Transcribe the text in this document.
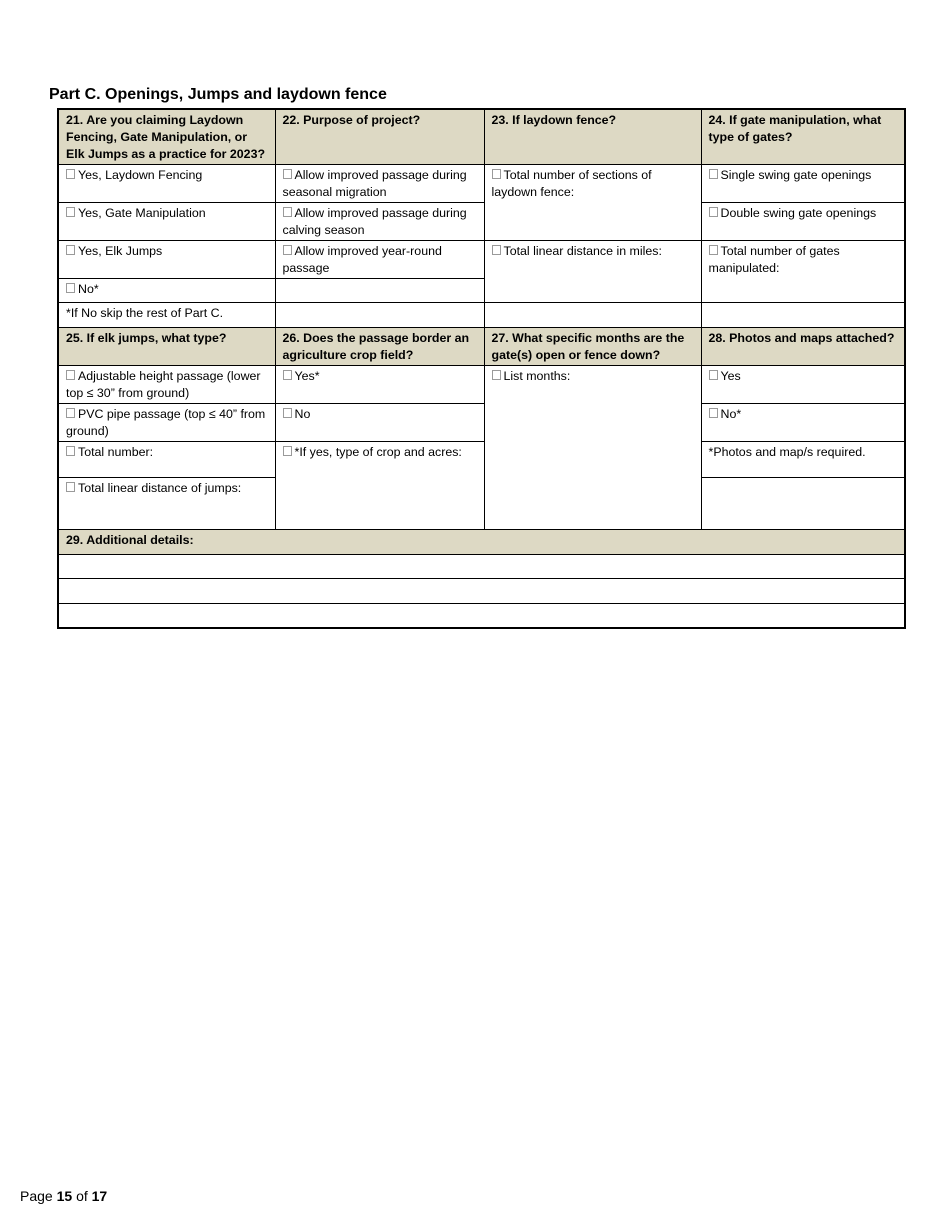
Part C. Openings, Jumps and laydown fence
21. Are you claiming Laydown Fencing, Gate Manipulation, or Elk Jumps as a practice for 2023?	22. Purpose of project?	23. If laydown fence?	24. If gate manipulation, what type of gates?
Yes, Laydown Fencing	Allow improved passage during seasonal migration	Total number of sections of laydown fence:	Single swing gate openings
Yes, Gate Manipulation	Allow improved passage during calving season		Double swing gate openings
Yes, Elk Jumps	Allow improved year-round passage	Total linear distance in miles:	Total number of gates manipulated:
No*			
*If No skip the rest of Part C.			
25. If elk jumps, what type?	26. Does the passage border an agriculture crop field?	27. What specific months are the gate(s) open or fence down?	28. Photos and maps attached?
Adjustable height passage (lower top ≤ 30” from ground)	Yes*	List months:	Yes
PVC pipe passage (top ≤ 40” from ground)	No		No*
Total number:	*If yes, type of crop and acres:		*Photos and map/s required.
Total linear distance of jumps:			
29. Additional details:			

Page 15 of 17
